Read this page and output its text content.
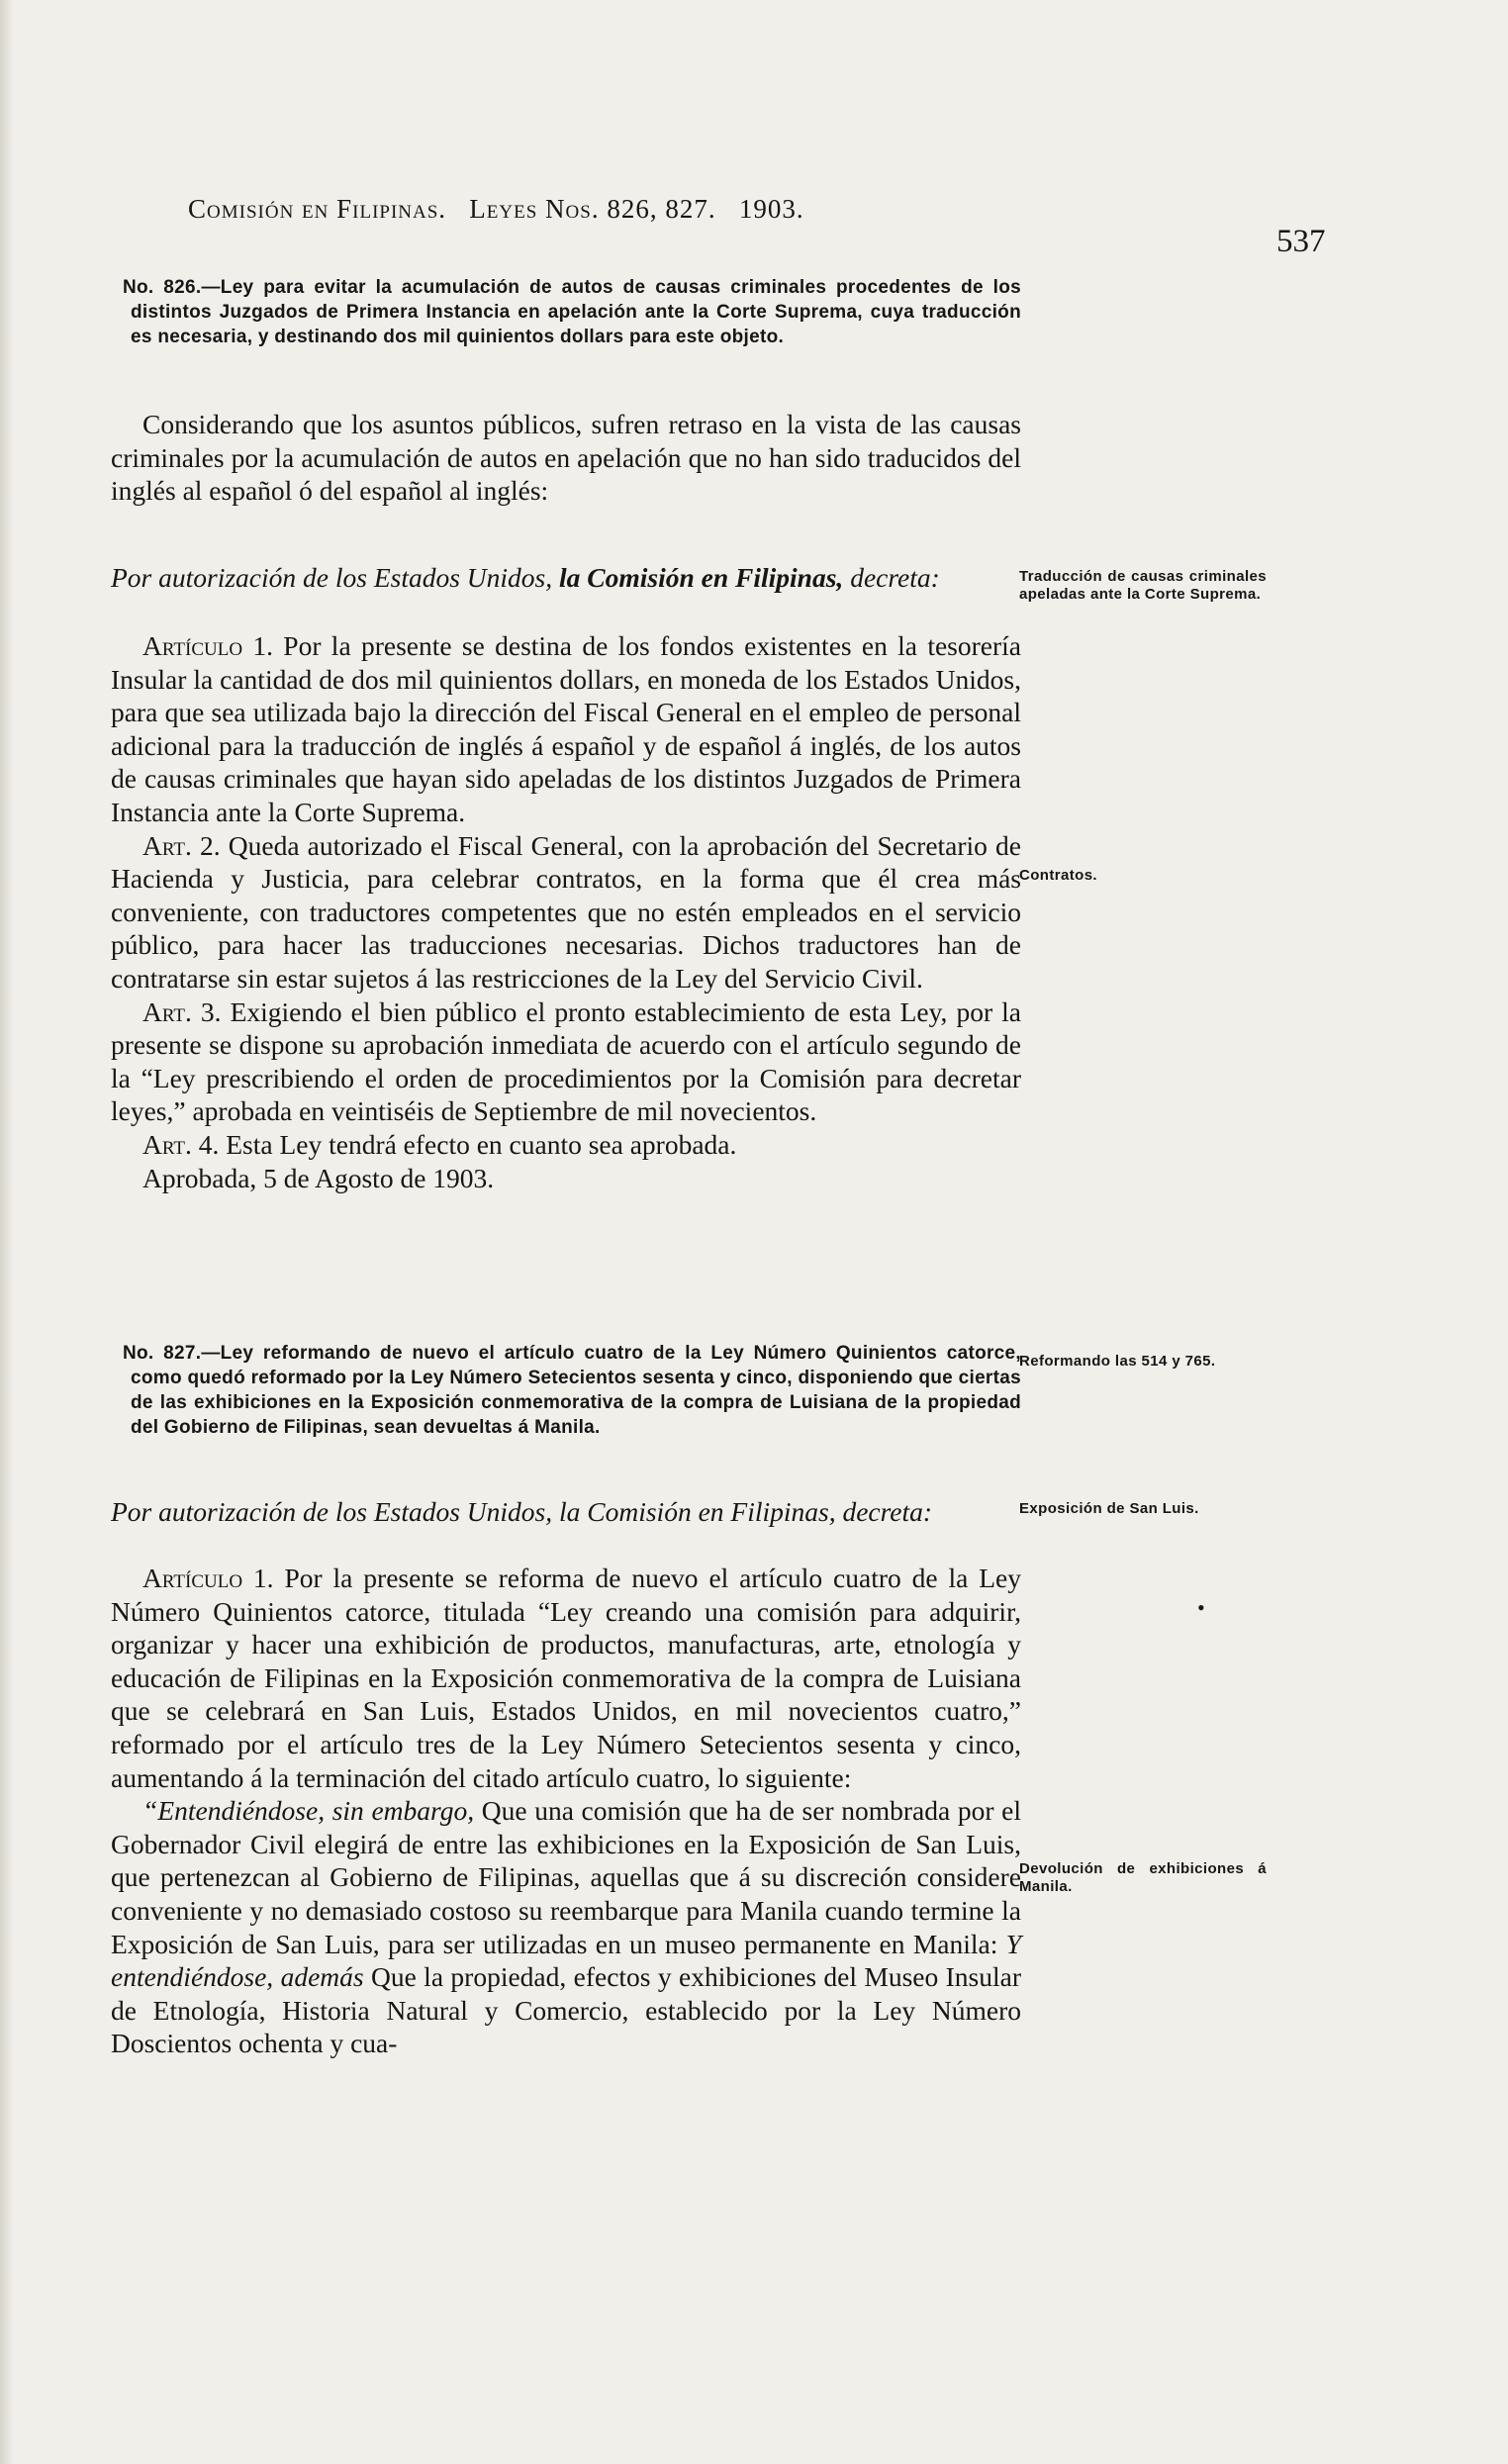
Comisión en Filipinas. Leyes Nos. 826, 827. 1903.
537
No. 826.—Ley para evitar la acumulación de autos de causas criminales procedentes de los distintos Juzgados de Primera Instancia en apelación ante la Corte Suprema, cuya traducción es necesaria, y destinando dos mil quinientos dollars para este objeto.

Considerando que los asuntos públicos, sufren retraso en la vista de las causas criminales por la acumulación de autos en apelación que no han sido traducidos del inglés al español ó del español al inglés:

Por autorización de los Estados Unidos, la Comisión en Filipinas, decreta:

Artículo 1. Por la presente se destina de los fondos existentes en la tesorería Insular la cantidad de dos mil quinientos dollars, en moneda de los Estados Unidos, para que sea utilizada bajo la dirección del Fiscal General en el empleo de personal adicional para la traducción de inglés á español y de español á inglés, de los autos de causas criminales que hayan sido apeladas de los distintos Juzgados de Primera Instancia ante la Corte Suprema.

Art. 2. Queda autorizado el Fiscal General, con la aprobación del Secretario de Hacienda y Justicia, para celebrar contratos, en la forma que él crea más conveniente, con traductores competentes que no estén empleados en el servicio público, para hacer las traducciones necesarias. Dichos traductores han de contratarse sin estar sujetos á las restricciones de la Ley del Servicio Civil.

Art. 3. Exigiendo el bien público el pronto establecimiento de esta Ley, por la presente se dispone su aprobación inmediata de acuerdo con el artículo segundo de la “Ley prescribiendo el orden de procedimientos por la Comisión para decretar leyes,” aprobada en veintiséis de Septiembre de mil novecientos.

Art. 4. Esta Ley tendrá efecto en cuanto sea aprobada.

Aprobada, 5 de Agosto de 1903.

No. 827.—Ley reformando de nuevo el artículo cuatro de la Ley Número Quinientos catorce, como quedó reformado por la Ley Número Setecientos sesenta y cinco, disponiendo que ciertas de las exhibiciones en la Exposición conmemorativa de la compra de Luisiana de la propiedad del Gobierno de Filipinas, sean devueltas á Manila.

Por autorización de los Estados Unidos, la Comisión en Filipinas, decreta:

Artículo 1. Por la presente se reforma de nuevo el artículo cuatro de la Ley Número Quinientos catorce, titulada “Ley creando una comisión para adquirir, organizar y hacer una exhibición de productos, manufacturas, arte, etnología y educación de Filipinas en la Exposición conmemorativa de la compra de Luisiana que se celebrará en San Luis, Estados Unidos, en mil novecientos cuatro,” reformado por el artículo tres de la Ley Número Setecientos sesenta y cinco, aumentando á la terminación del citado artículo cuatro, lo siguiente:

“Entendiéndose, sin embargo, Que una comisión que ha de ser nombrada por el Gobernador Civil elegirá de entre las exhibiciones en la Exposición de San Luis, que pertenezcan al Gobierno de Filipinas, aquellas que á su discreción considere conveniente y no demasiado costoso su reembarque para Manila cuando termine la Exposición de San Luis, para ser utilizadas en un museo permanente en Manila: Y entendiéndose, además Que la propiedad, efectos y exhibiciones del Museo Insular de Etnología, Historia Natural y Comercio, establecido por la Ley Número Doscientos ochenta y cua-

Traducción de causas criminales apeladas ante la Corte Suprema.
Contratos.
Reformando las 514 y 765.
Exposición de San Luis.
Devolución de exhibiciones á Manila.
•
